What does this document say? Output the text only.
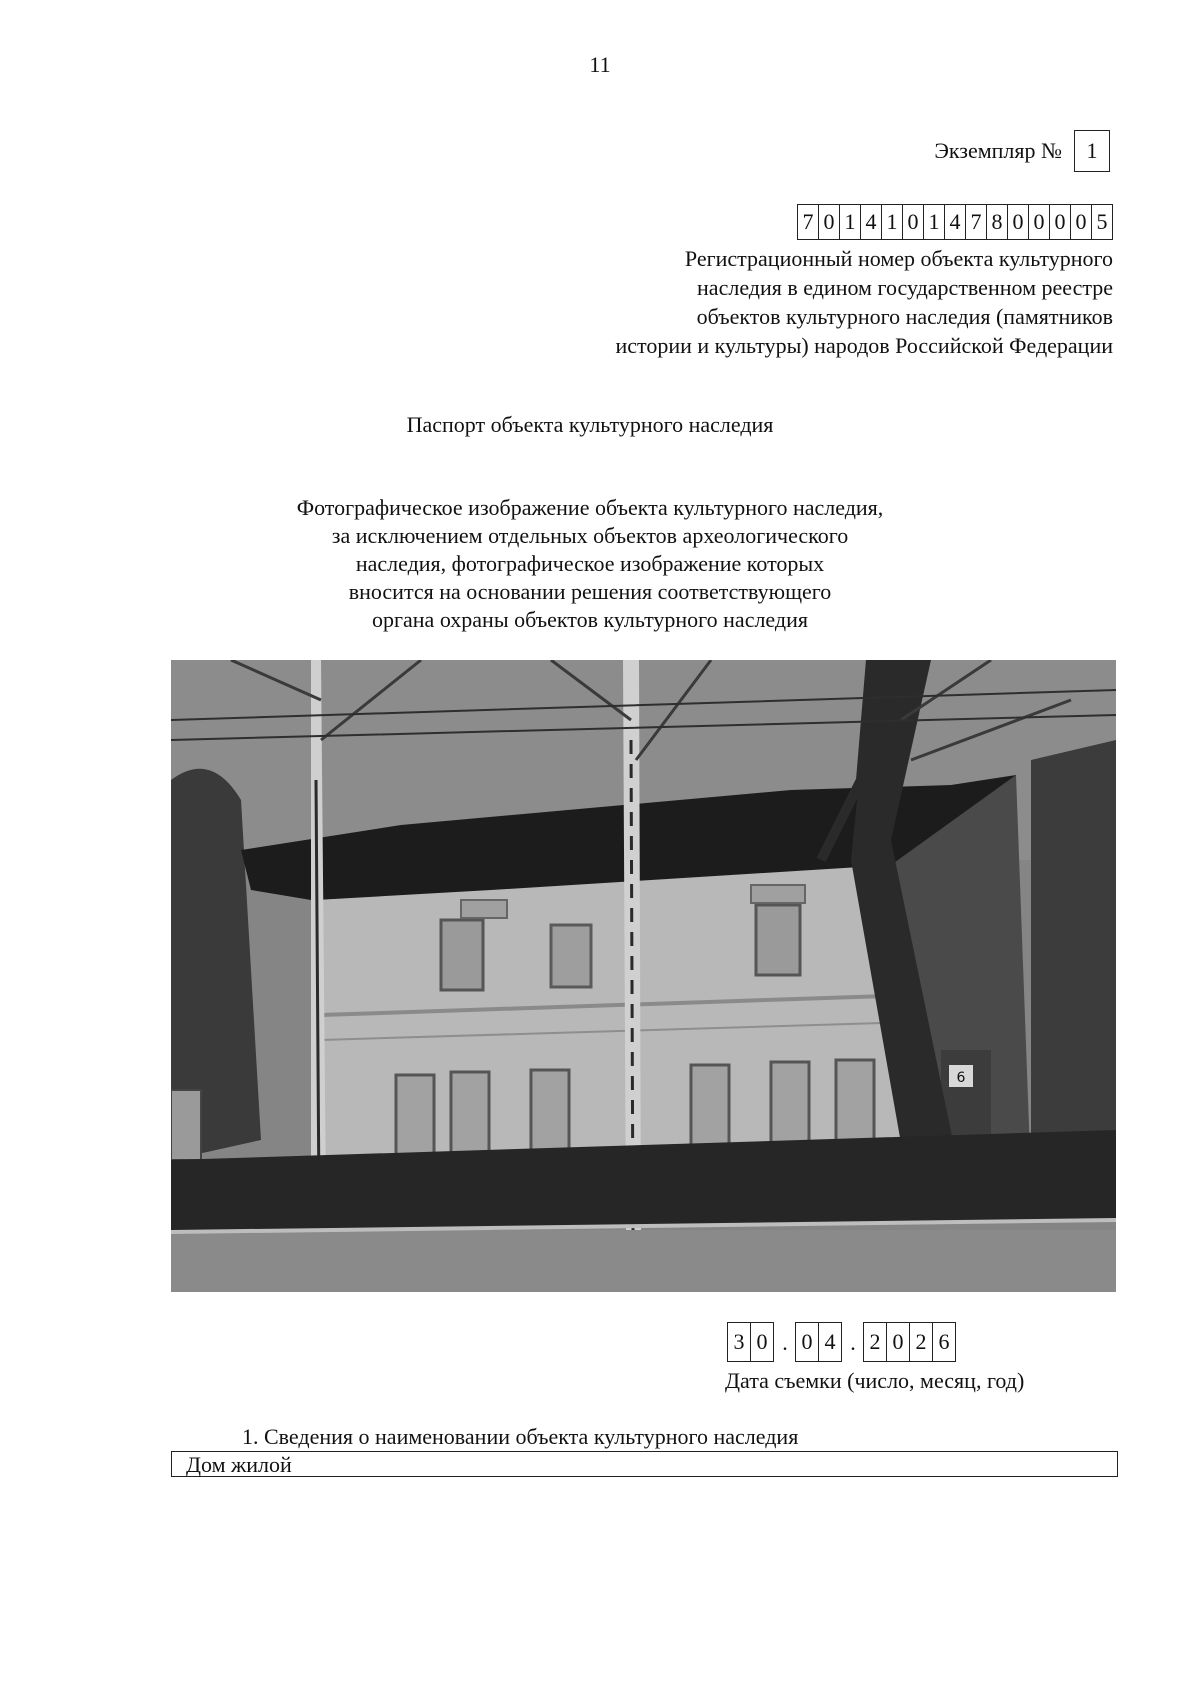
11
Экземпляр №	1
7 0 1 4 1 0 1 4 7 8 0 0 0 0 5
Регистрационный номер объекта культурного
наследия в едином государственном реестре
объектов культурного наследия (памятников
истории и культуры) народов Российской Федерации
Паспорт объекта культурного наследия
Фотографическое изображение объекта культурного наследия,
за исключением отдельных объектов археологического
наследия, фотографическое изображение которых
вносится на основании решения соответствующего
органа охраны объектов культурного наследия
6
3 0 . 0 4 . 2 0 2 6
Дата съемки (число, месяц, год)
1. Сведения о наименовании объекта культурного наследия
Дом жилой
